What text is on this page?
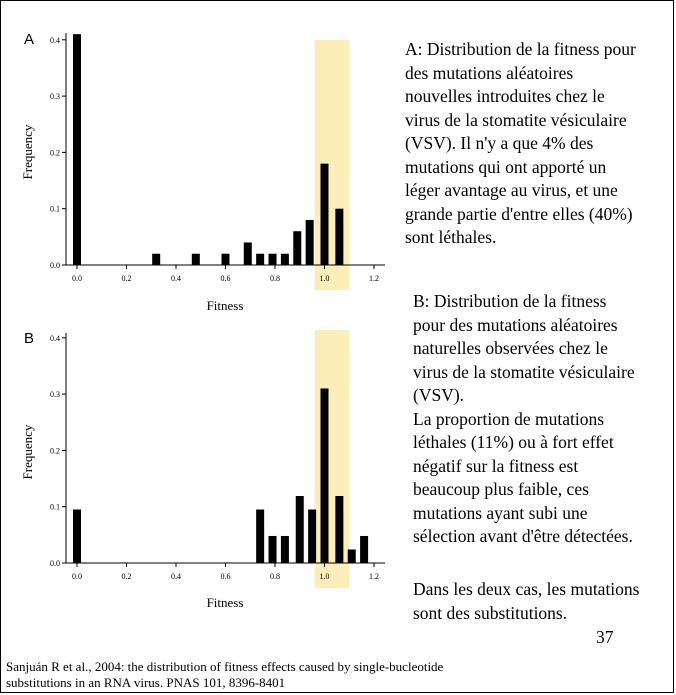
A
Frequency
Fitness
0.0
0.1
0.2
0.3
0.4
0.0	0.2	0.4	0.6	0.8	1.0	1.2
B
Frequency
Fitness
0.0
0.1
0.2
0.3
0.4
0.0	0.2	0.4	0.6	0.8	1.0	1.2
A: Distribution de la fitness pour
des mutations aléatoires
nouvelles introduites chez le
virus de la stomatite vésiculaire
(VSV). Il n'y a que 4% des
mutations qui ont apporté un
léger avantage au virus, et une
grande partie d'entre elles (40%)
sont léthales.
B: Distribution de la fitness
pour des mutations aléatoires
naturelles observées chez le
virus de la stomatite vésiculaire
(VSV).
La proportion de mutations
léthales (11%) ou à fort effet
négatif sur la fitness est
beaucoup plus faible, ces
mutations ayant subi une
sélection avant d'être détectées.
Dans les deux cas, les mutations
sont des substitutions.
37
Sanjuán R et al., 2004: the distribution of fitness effects caused by single-bucleotide
substitutions in an RNA virus. PNAS 101, 8396-8401
